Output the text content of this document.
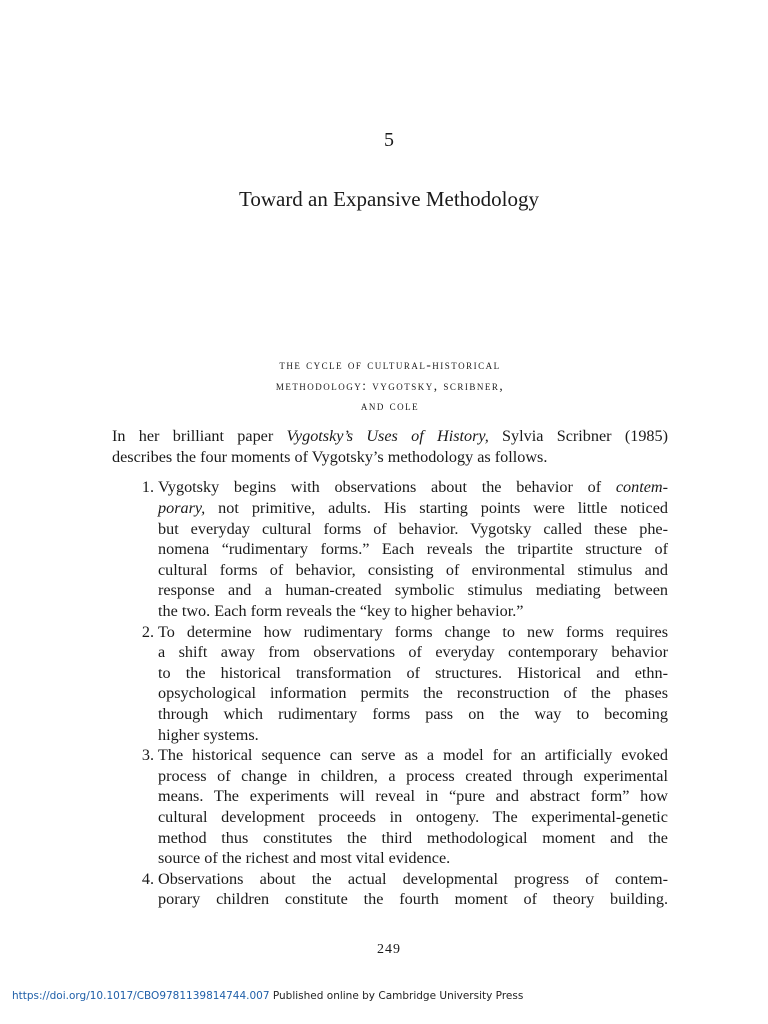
5
Toward an Expansive Methodology
the cycle of cultural-historical
methodology: vygotsky, scribner,
and cole
In her brilliant paper Vygotsky’s Uses of History, Sylvia Scribner (1985)
describes the four moments of Vygotsky’s methodology as follows.
1. Vygotsky begins with observations about the behavior of contem-
porary, not primitive, adults. His starting points were little noticed
but everyday cultural forms of behavior. Vygotsky called these phe-
nomena “rudimentary forms.” Each reveals the tripartite structure of
cultural forms of behavior, consisting of environmental stimulus and
response and a human-created symbolic stimulus mediating between
the two. Each form reveals the “key to higher behavior.”
2. To determine how rudimentary forms change to new forms requires
a shift away from observations of everyday contemporary behavior
to the historical transformation of structures. Historical and ethn-
opsychological information permits the reconstruction of the phases
through which rudimentary forms pass on the way to becoming
higher systems.
3. The historical sequence can serve as a model for an artificially evoked
process of change in children, a process created through experimental
means. The experiments will reveal in “pure and abstract form” how
cultural development proceeds in ontogeny. The experimental-genetic
method thus constitutes the third methodological moment and the
source of the richest and most vital evidence.
4. Observations about the actual developmental progress of contem-
porary children constitute the fourth moment of theory building.
249
https://doi.org/10.1017/CBO9781139814744.007 Published online by Cambridge University Press
